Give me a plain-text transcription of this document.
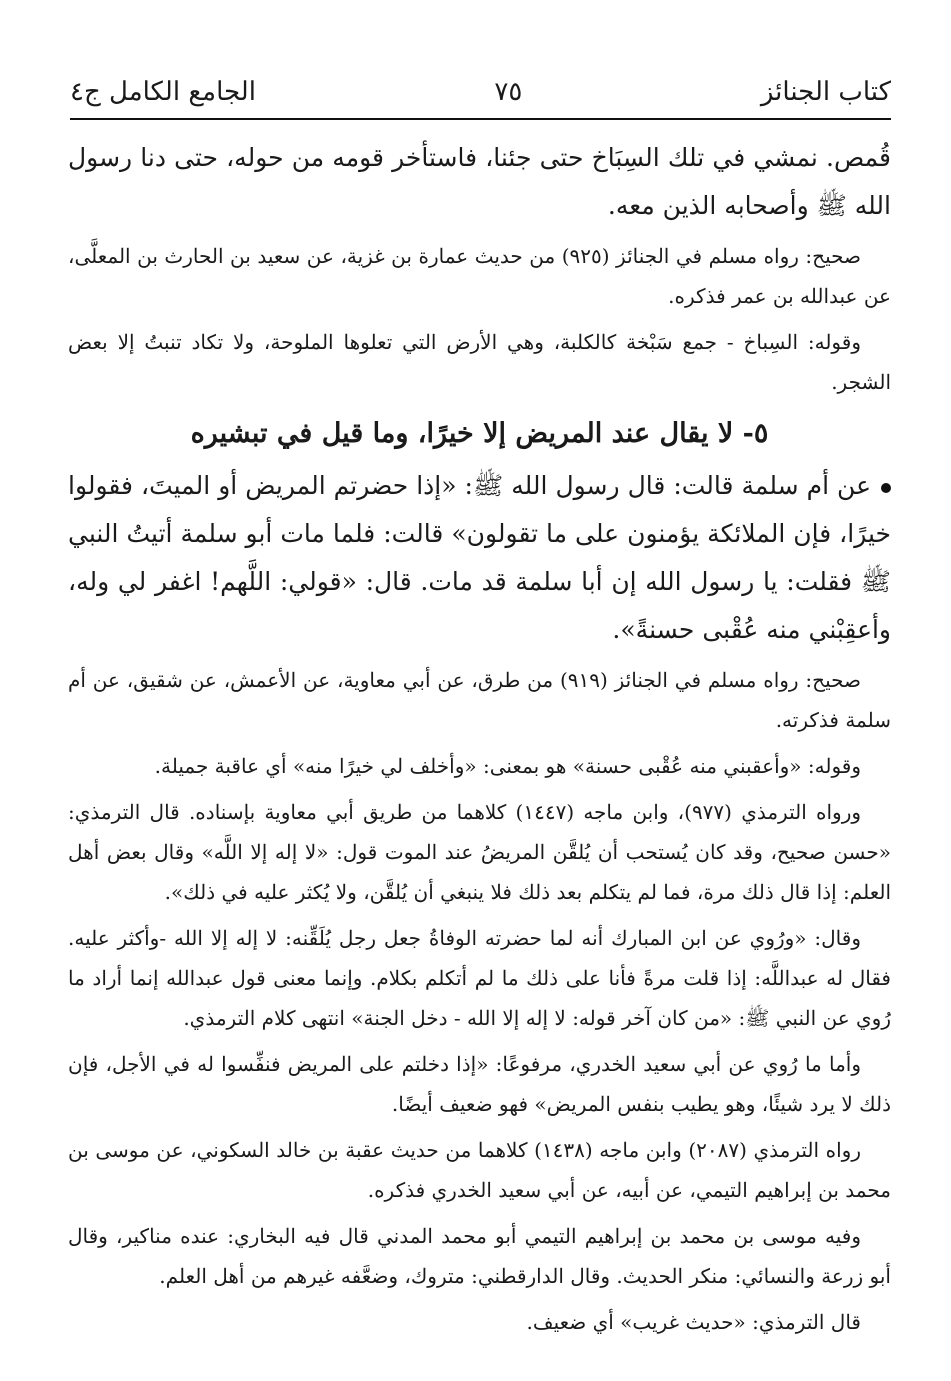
كتاب الجنائز
٧٥
الجامع الكامل ج٤

قُمص. نمشي في تلك السِبَاخ حتى جئنا، فاستأخر قومه من حوله، حتى دنا رسول الله ﷺ وأصحابه الذين معه.

صحيح: رواه مسلم في الجنائز (٩٢٥) من حديث عمارة بن غزية، عن سعيد بن الحارث بن المعلَّى، عن عبدالله بن عمر فذكره.

وقوله: السِباخ - جمع سَبْخة كالكلبة، وهي الأرض التي تعلوها الملوحة، ولا تكاد تنبتُ إلا بعض الشجر.

٥- لا يقال عند المريض إلا خيرًا، وما قيل في تبشيره

عن أم سلمة قالت: قال رسول الله ﷺ: «إذا حضرتم المريض أو الميتَ، فقولوا خيرًا، فإن الملائكة يؤمنون على ما تقولون» قالت: فلما مات أبو سلمة أتيتُ النبي ﷺ فقلت: يا رسول الله إن أبا سلمة قد مات. قال: «قولي: اللَّهم! اغفر لي وله، وأعقِبْني منه عُقْبى حسنةً».

صحيح: رواه مسلم في الجنائز (٩١٩) من طرق، عن أبي معاوية، عن الأعمش، عن شقيق، عن أم سلمة فذكرته.

وقوله: «وأعقبني منه عُقْبى حسنة» هو بمعنى: «وأخلف لي خيرًا منه» أي عاقبة جميلة.

ورواه الترمذي (٩٧٧)، وابن ماجه (١٤٤٧) كلاهما من طريق أبي معاوية بإسناده. قال الترمذي: «حسن صحيح، وقد كان يُستحب أن يُلقَّن المريضُ عند الموت قول: «لا إله إلا اللَّه» وقال بعض أهل العلم: إذا قال ذلك مرة، فما لم يتكلم بعد ذلك فلا ينبغي أن يُلقَّن، ولا يُكثر عليه في ذلك».

وقال: «ورُوي عن ابن المبارك أنه لما حضرته الوفاةُ جعل رجل يُلَقِّنه: لا إله إلا الله -وأكثر عليه. فقال له عبداللَّه: إذا قلت مرةً فأنا على ذلك ما لم أتكلم بكلام. وإنما معنى قول عبدالله إنما أراد ما رُوي عن النبي ﷺ: «من كان آخر قوله: لا إله إلا الله - دخل الجنة» انتهى كلام الترمذي.

وأما ما رُوي عن أبي سعيد الخدري، مرفوعًا: «إذا دخلتم على المريض فنفِّسوا له في الأجل، فإن ذلك لا يرد شيئًا، وهو يطيب بنفس المريض» فهو ضعيف أيضًا.

رواه الترمذي (٢٠٨٧) وابن ماجه (١٤٣٨) كلاهما من حديث عقبة بن خالد السكوني، عن موسى بن محمد بن إبراهيم التيمي، عن أبيه، عن أبي سعيد الخدري فذكره.

وفيه موسى بن محمد بن إبراهيم التيمي أبو محمد المدني قال فيه البخاري: عنده مناكير، وقال أبو زرعة والنسائي: منكر الحديث. وقال الدارقطني: متروك، وضعَّفه غيرهم من أهل العلم.

قال الترمذي: «حديث غريب» أي ضعيف.
